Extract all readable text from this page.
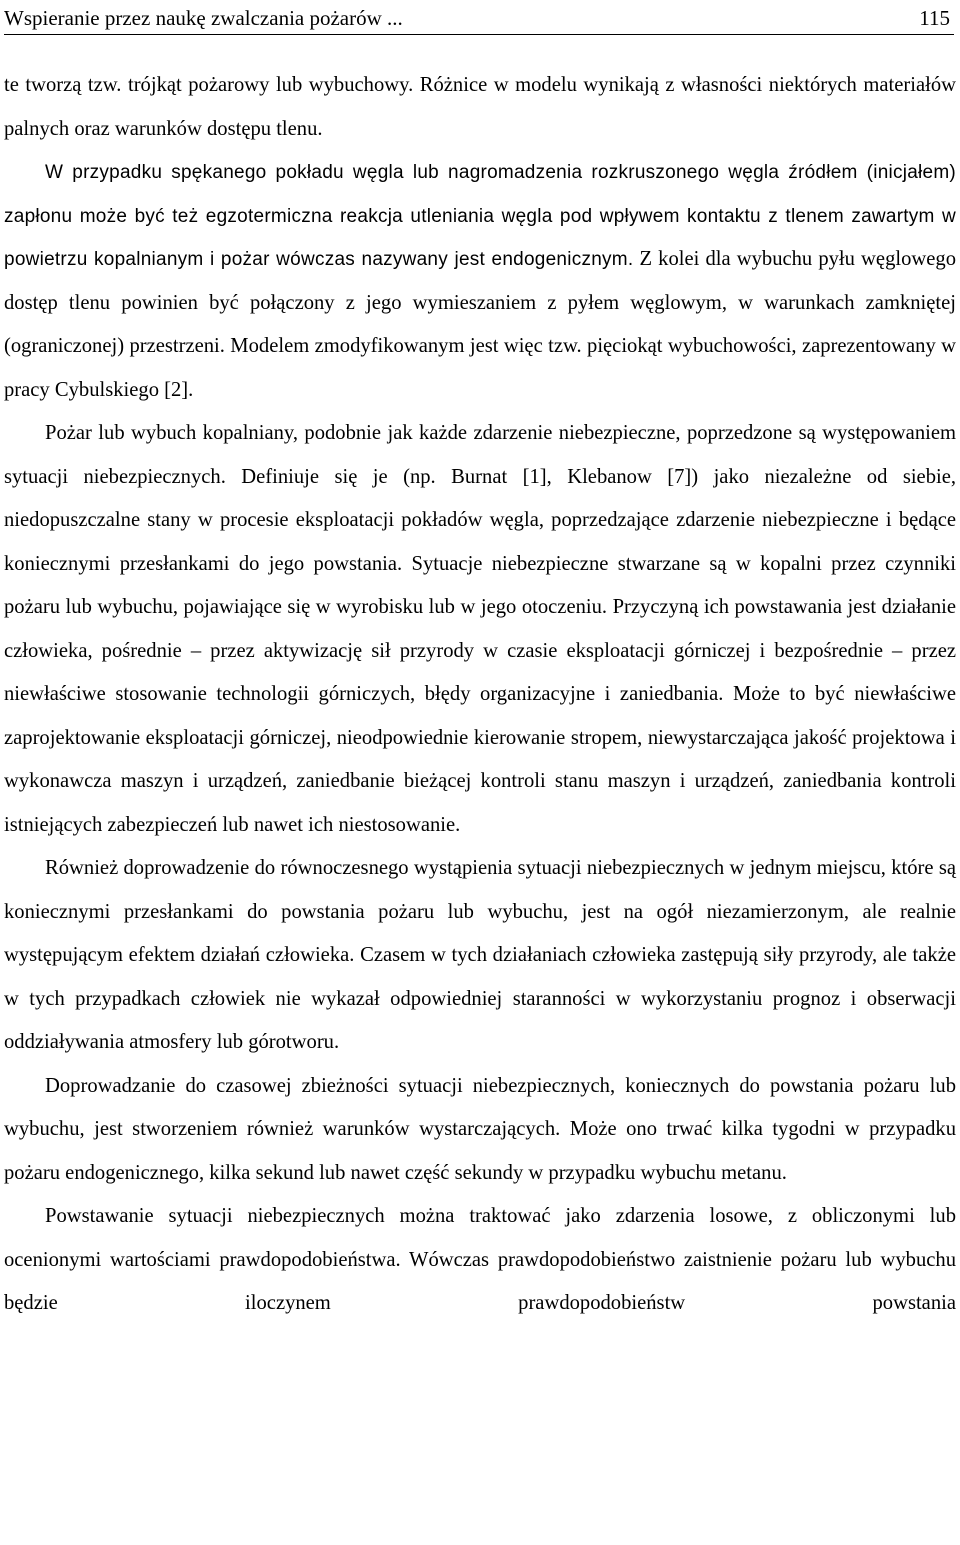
Wspieranie przez naukę zwalczania pożarów ...	115

te tworzą tzw. trójkąt pożarowy lub wybuchowy. Różnice w modelu wynikają z własności niektórych materiałów palnych oraz warunków dostępu tlenu.

W przypadku spękanego pokładu węgla lub nagromadzenia rozkruszonego węgla źródłem (inicjałem) zapłonu może być też egzotermiczna reakcja utleniania węgla pod wpływem kontaktu z tlenem zawartym w powietrzu kopalnianym i pożar wówczas nazywany jest endogenicznym. Z kolei dla wybuchu pyłu węglowego dostęp tlenu powinien być połączony z jego wymieszaniem z pyłem węglowym, w warunkach zamkniętej (ograniczonej) przestrzeni. Modelem zmodyfikowanym jest więc tzw. pięciokąt wybuchowości, zaprezentowany w pracy Cybulskiego [2].

Pożar lub wybuch kopalniany, podobnie jak każde zdarzenie niebezpieczne, poprzedzone są występowaniem sytuacji niebezpiecznych. Definiuje się je (np. Burnat [1], Klebanow [7]) jako niezależne od siebie, niedopuszczalne stany w procesie eksploatacji pokładów węgla, poprzedzające zdarzenie niebezpieczne i będące koniecznymi przesłankami do jego powstania. Sytuacje niebezpieczne stwarzane są w kopalni przez czynniki pożaru lub wybuchu, pojawiające się w wyrobisku lub w jego otoczeniu. Przyczyną ich powstawania jest działanie człowieka, pośrednie – przez aktywizację sił przyrody w czasie eksploatacji górniczej i bezpośrednie – przez niewłaściwe stosowanie technologii górniczych, błędy organizacyjne i zaniedbania. Może to być niewłaściwe zaprojektowanie eksploatacji górniczej, nieodpowiednie kierowanie stropem, niewystarczająca jakość projektowa i wykonawcza maszyn i urządzeń, zaniedbanie bieżącej kontroli stanu maszyn i urządzeń, zaniedbania kontroli istniejących zabezpieczeń lub nawet ich niestosowanie.

Również doprowadzenie do równoczesnego wystąpienia sytuacji niebezpiecznych w jednym miejscu, które są koniecznymi przesłankami do powstania pożaru lub wybuchu, jest na ogół niezamierzonym, ale realnie występującym efektem działań człowieka. Czasem w tych działaniach człowieka zastępują siły przyrody, ale także w tych przypadkach człowiek nie wykazał odpowiedniej staranności w wykorzystaniu prognoz i obserwacji oddziaływania atmosfery lub górotworu.

Doprowadzanie do czasowej zbieżności sytuacji niebezpiecznych, koniecznych do powstania pożaru lub wybuchu, jest stworzeniem również warunków wystarczających. Może ono trwać kilka tygodni w przypadku pożaru endogenicznego, kilka sekund lub nawet część sekundy w przypadku wybuchu metanu.

Powstawanie sytuacji niebezpiecznych można traktować jako zdarzenia losowe, z obliczonymi lub ocenionymi wartościami prawdopodobieństwa. Wówczas prawdopodobieństwo zaistnienie pożaru lub wybuchu będzie iloczynem prawdopodobieństw powstania
